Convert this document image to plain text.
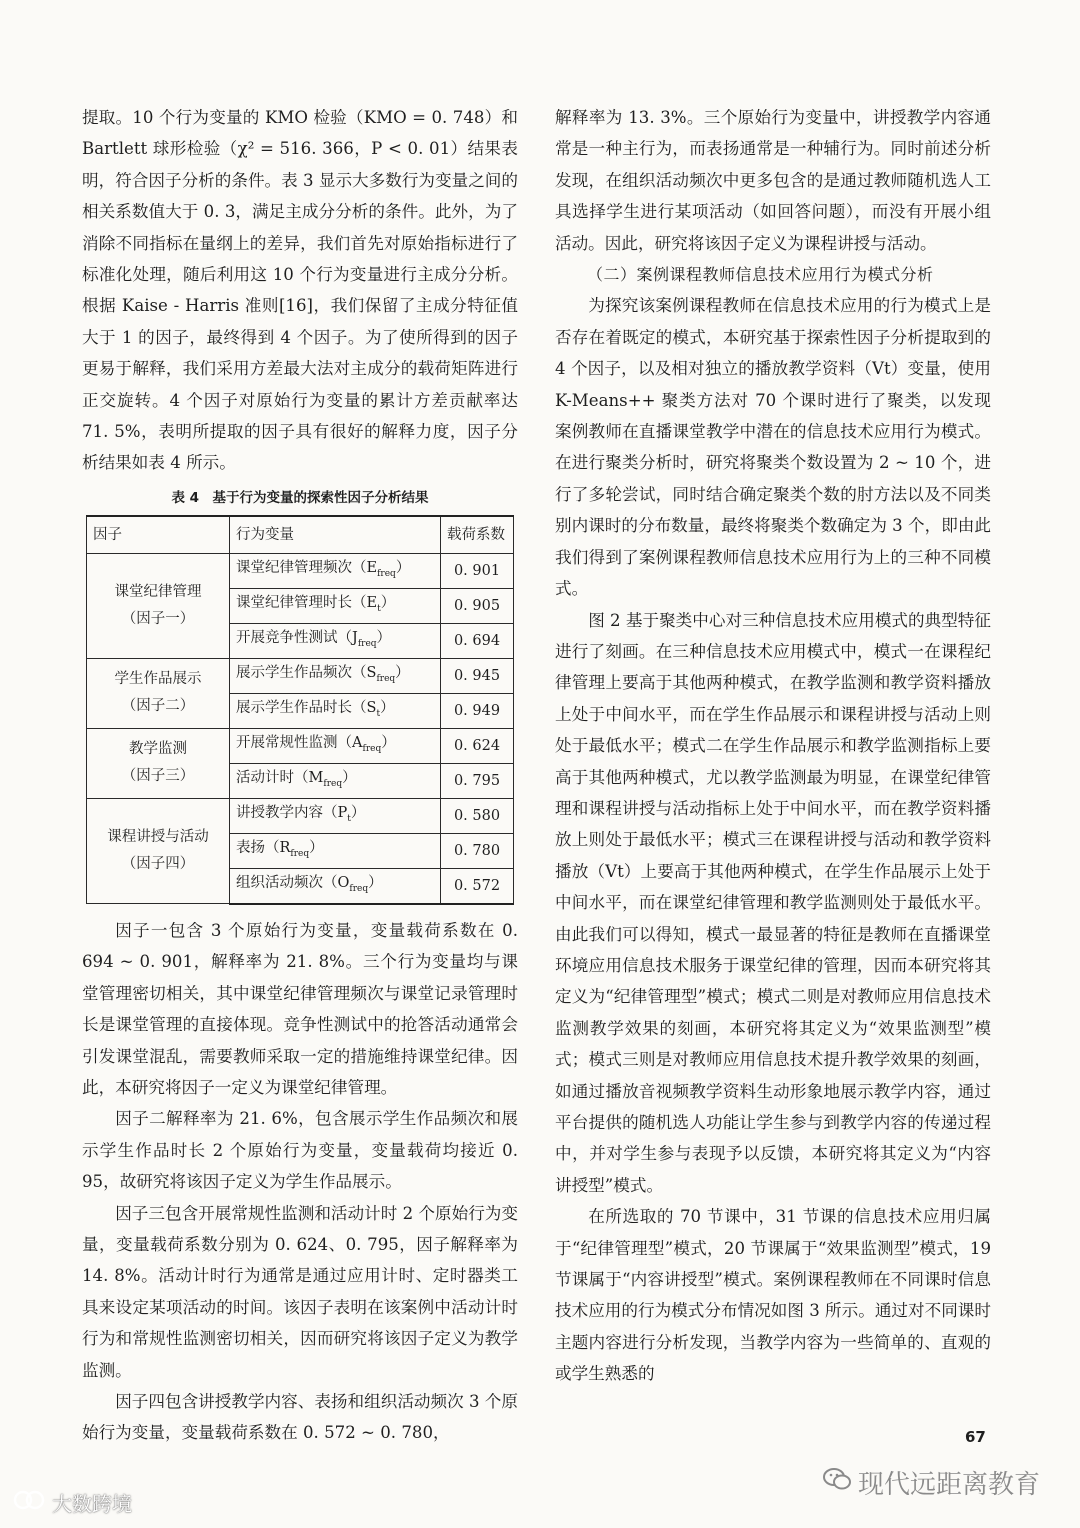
提取。10 个行为变量的 KMO 检验（KMO = 0. 748）和 Bartlett 球形检验（χ² = 516. 366，P < 0. 01）结果表明，符合因子分析的条件。表 3 显示大多数行为变量之间的相关系数值大于 0. 3，满足主成分分析的条件。此外，为了消除不同指标在量纲上的差异，我们首先对原始指标进行了标准化处理，随后利用这 10 个行为变量进行主成分分析。根据 Kaise - Harris 准则[16]，我们保留了主成分特征值大于 1 的因子，最终得到 4 个因子。为了使所得到的因子更易于解释，我们采用方差最大法对主成分的载荷矩阵进行正交旋转。4 个因子对原始行为变量的累计方差贡献率达 71. 5%，表明所提取的因子具有很好的解释力度，因子分析结果如表 4 所示。

表 4　基于行为变量的探索性因子分析结果
因子	行为变量	载荷系数

课堂纪律管理
（因子一）	课堂纪律管理频次$(E_{freq})$	0. 901
	课堂纪律管理时长$(E_t)$	0. 905
	开展竞争性测试$(J_{freq})$	0. 694

学生作品展示
（因子二）	展示学生作品频次$(S_{freq})$	0. 945
	展示学生作品时长$(S_t)$	0. 949

教学监测
（因子三）	开展常规性监测$(A_{freq})$	0. 624
	活动计时$(M_{freq})$	0. 795

课程讲授与活动
（因子四）	讲授教学内容$(P_t)$	0. 580
	表扬$(R_{freq})$	0. 780
	组织活动频次$(O_{freq})$	0. 572

因子一包含 3 个原始行为变量，变量载荷系数在 0. 694 ~ 0. 901，解释率为 21. 8%。三个行为变量均与课堂管理密切相关，其中课堂纪律管理频次与课堂记录管理时长是课堂管理的直接体现。竞争性测试中的抢答活动通常会引发课堂混乱，需要教师采取一定的措施维持课堂纪律。因此，本研究将因子一定义为课堂纪律管理。

因子二解释率为 21. 6%，包含展示学生作品频次和展示学生作品时长 2 个原始行为变量，变量载荷均接近 0. 95，故研究将该因子定义为学生作品展示。

因子三包含开展常规性监测和活动计时 2 个原始行为变量，变量载荷系数分别为 0. 624、0. 795，因子解释率为 14. 8%。活动计时行为通常是通过应用计时、定时器类工具来设定某项活动的时间。该因子表明在该案例中活动计时行为和常规性监测密切相关，因而研究将该因子定义为教学监测。

因子四包含讲授教学内容、表扬和组织活动频次 3 个原始行为变量，变量载荷系数在 0. 572 ~ 0. 780，

解释率为 13. 3%。三个原始行为变量中，讲授教学内容通常是一种主行为，而表扬通常是一种辅行为。同时前述分析发现，在组织活动频次中更多包含的是通过教师随机选人工具选择学生进行某项活动（如回答问题），而没有开展小组活动。因此，研究将该因子定义为课程讲授与活动。

（二）案例课程教师信息技术应用行为模式分析

为探究该案例课程教师在信息技术应用的行为模式上是否存在着既定的模式，本研究基于探索性因子分析提取到的 4 个因子，以及相对独立的播放教学资料（Vt）变量，使用 K-Means++ 聚类方法对 70 个课时进行了聚类，以发现案例教师在直播课堂教学中潜在的信息技术应用行为模式。在进行聚类分析时，研究将聚类个数设置为 2 ~ 10 个，进行了多轮尝试，同时结合确定聚类个数的肘方法以及不同类别内课时的分布数量，最终将聚类个数确定为 3 个，即由此我们得到了案例课程教师信息技术应用行为上的三种不同模式。

图 2 基于聚类中心对三种信息技术应用模式的典型特征进行了刻画。在三种信息技术应用模式中，模式一在课程纪律管理上要高于其他两种模式，在教学监测和教学资料播放上处于中间水平，而在学生作品展示和课程讲授与活动上则处于最低水平；模式二在学生作品展示和教学监测指标上要高于其他两种模式，尤以教学监测最为明显，在课堂纪律管理和课程讲授与活动指标上处于中间水平，而在教学资料播放上则处于最低水平；模式三在课程讲授与活动和教学资料播放（Vt）上要高于其他两种模式，在学生作品展示上处于中间水平，而在课堂纪律管理和教学监测则处于最低水平。由此我们可以得知，模式一最显著的特征是教师在直播课堂环境应用信息技术服务于课堂纪律的管理，因而本研究将其定义为“纪律管理型”模式；模式二则是对教师应用信息技术监测教学效果的刻画，本研究将其定义为“效果监测型”模式；模式三则是对教师应用信息技术提升教学效果的刻画，如通过播放音视频教学资料生动形象地展示教学内容，通过平台提供的随机选人功能让学生参与到教学内容的传递过程中，并对学生参与表现予以反馈，本研究将其定义为“内容讲授型”模式。

在所选取的 70 节课中，31 节课的信息技术应用归属于“纪律管理型”模式，20 节课属于“效果监测型”模式，19 节课属于“内容讲授型”模式。案例课程教师在不同课时信息技术应用的行为模式分布情况如图 3 所示。通过对不同课时主题内容进行分析发现，当教学内容为一些简单的、直观的或学生熟悉的

67
现代远距离教育
大数跨境
